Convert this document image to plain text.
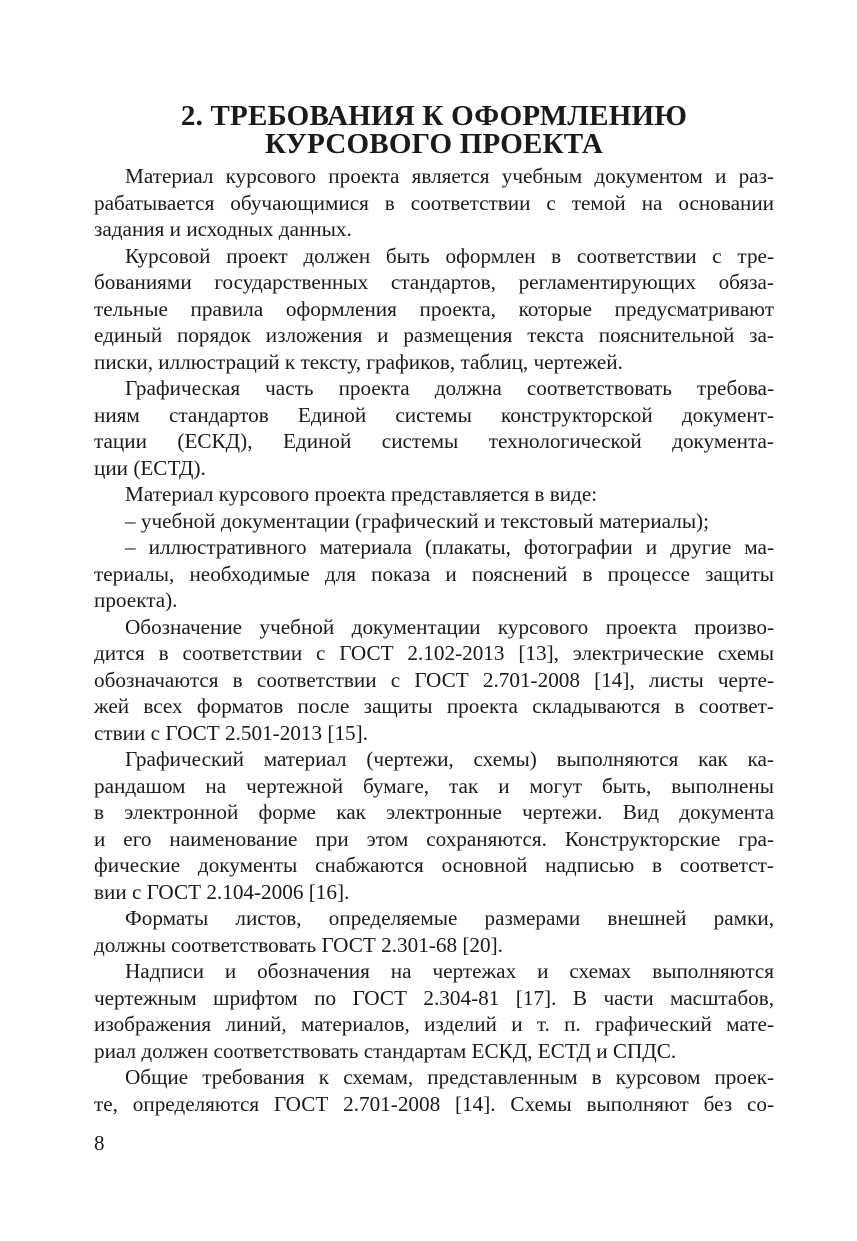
2. ТРЕБОВАНИЯ К ОФОРМЛЕНИЮ
КУРСОВОГО ПРОЕКТА
Материал курсового проекта является учебным документом и раз-
рабатывается обучающимися в соответствии с темой на основании
задания и исходных данных.
Курсовой проект должен быть оформлен в соответствии с тре-
бованиями государственных стандартов, регламентирующих обяза-
тельные правила оформления проекта, которые предусматривают
единый порядок изложения и размещения текста пояснительной за-
писки, иллюстраций к тексту, графиков, таблиц, чертежей.
Графическая часть проекта должна соответствовать требова-
ниям стандартов Единой системы конструкторской документ-
тации (ЕСКД), Единой системы технологической документа-
ции (ЕСТД).
Материал курсового проекта представляется в виде:
– учебной документации (графический и текстовый материалы);
– иллюстративного материала (плакаты, фотографии и другие ма-
териалы, необходимые для показа и пояснений в процессе защиты
проекта).
Обозначение учебной документации курсового проекта произво-
дится в соответствии с ГОСТ 2.102-2013 [13], электрические схемы
обозначаются в соответствии с ГОСТ 2.701-2008 [14], листы черте-
жей всех форматов после защиты проекта складываются в соответ-
ствии с ГОСТ 2.501-2013 [15].
Графический материал (чертежи, схемы) выполняются как ка-
рандашом на чертежной бумаге, так и могут быть, выполнены
в электронной форме как электронные чертежи. Вид документа
и его наименование при этом сохраняются. Конструкторские гра-
фические документы снабжаются основной надписью в соответст-
вии с ГОСТ 2.104-2006 [16].
Форматы листов, определяемые размерами внешней рамки,
должны соответствовать ГОСТ 2.301-68 [20].
Надписи и обозначения на чертежах и схемах выполняются
чертежным шрифтом по ГОСТ 2.304-81 [17]. В части масштабов,
изображения линий, материалов, изделий и т. п. графический мате-
риал должен соответствовать стандартам ЕСКД, ЕСТД и СПДС.
Общие требования к схемам, представленным в курсовом проек-
те, определяются ГОСТ 2.701-2008 [14]. Схемы выполняют без со-
8
